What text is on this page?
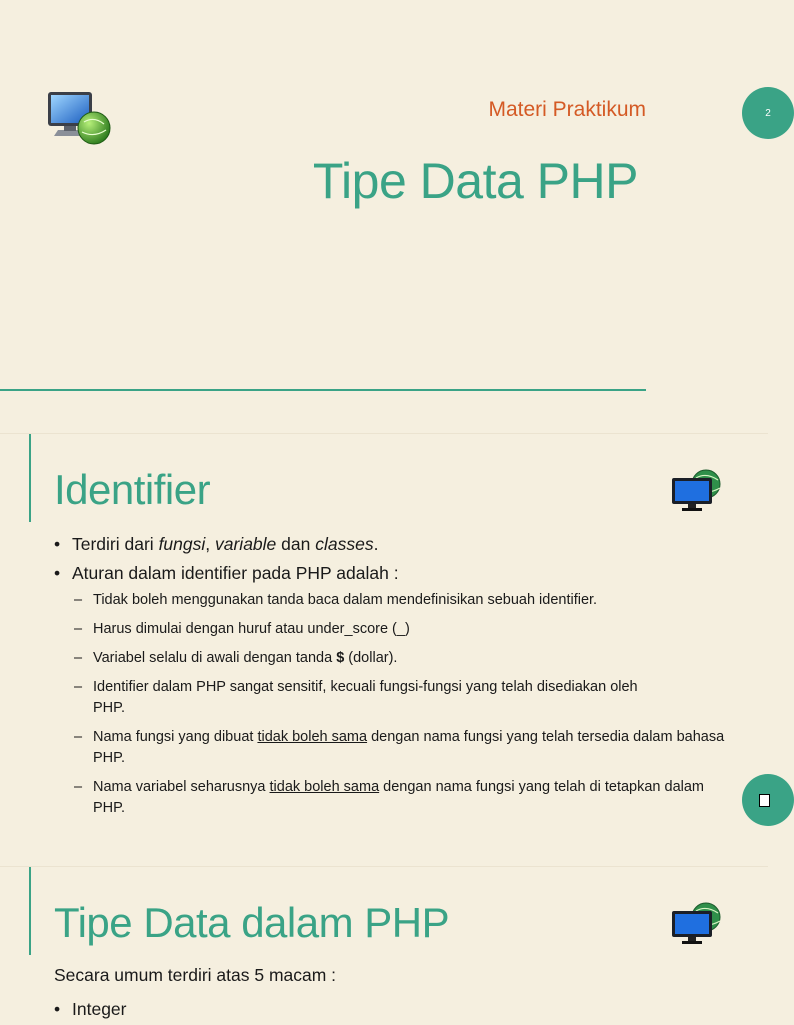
Materi Praktikum
Tipe Data PHP
2
Identifier
• Terdiri dari fungsi, variable dan classes.
• Aturan dalam identifier pada PHP adalah :
– Tidak boleh menggunakan tanda baca dalam mendefinisikan sebuah identifier.
– Harus dimulai dengan huruf atau under_score (_)
– Variabel selalu di awali dengan tanda $ (dollar).
– Identifier dalam PHP sangat sensitif, kecuali fungsi-fungsi yang telah disediakan oleh PHP.
– Nama fungsi yang dibuat tidak boleh sama dengan nama fungsi yang telah tersedia dalam bahasa PHP.
– Nama variabel seharusnya tidak boleh sama dengan nama fungsi yang telah di tetapkan dalam PHP.
Tipe Data dalam PHP
Secara umum terdiri atas 5 macam :
• Integer
